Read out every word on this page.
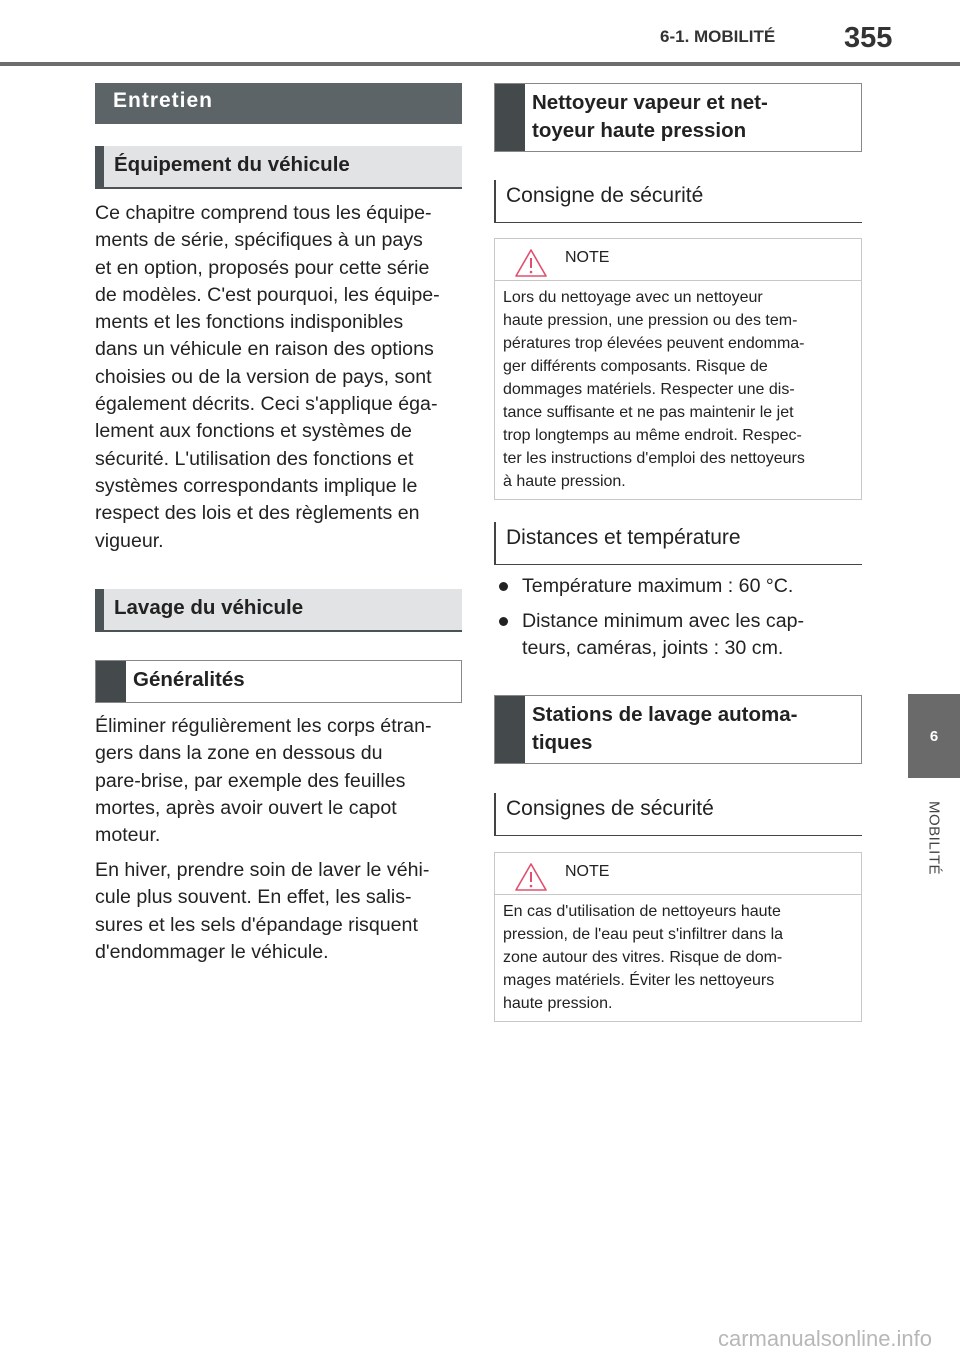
6-1. MOBILITÉ 355
6
MOBILITÉ
Entretien
Équipement du véhicule
Ce chapitre comprend tous les équipe-
ments de série, spécifiques à un pays
et en option, proposés pour cette série
de modèles. C'est pourquoi, les équipe-
ments et les fonctions indisponibles
dans un véhicule en raison des options
choisies ou de la version de pays, sont
également décrits. Ceci s'applique éga-
lement aux fonctions et systèmes de
sécurité. L'utilisation des fonctions et
systèmes correspondants implique le
respect des lois et des règlements en
vigueur.
Lavage du véhicule
Généralités
Éliminer régulièrement les corps étran-
gers dans la zone en dessous du
pare-brise, par exemple des feuilles
mortes, après avoir ouvert le capot
moteur.
En hiver, prendre soin de laver le véhi-
cule plus souvent. En effet, les salis-
sures et les sels d'épandage risquent
d'endommager le véhicule.
Nettoyeur vapeur et net-
toyeur haute pression
Consigne de sécurité
NOTE
Lors du nettoyage avec un nettoyeur
haute pression, une pression ou des tem-
pératures trop élevées peuvent endomma-
ger différents composants. Risque de
dommages matériels. Respecter une dis-
tance suffisante et ne pas maintenir le jet
trop longtemps au même endroit. Respec-
ter les instructions d'emploi des nettoyeurs
à haute pression.
Distances et température
Température maximum : 60 °C.
Distance minimum avec les cap-
teurs, caméras, joints : 30 cm.
Stations de lavage automa-
tiques
Consignes de sécurité
NOTE
En cas d'utilisation de nettoyeurs haute
pression, de l'eau peut s'infiltrer dans la
zone autour des vitres. Risque de dom-
mages matériels. Éviter les nettoyeurs
haute pression.
carmanualsonline.info
